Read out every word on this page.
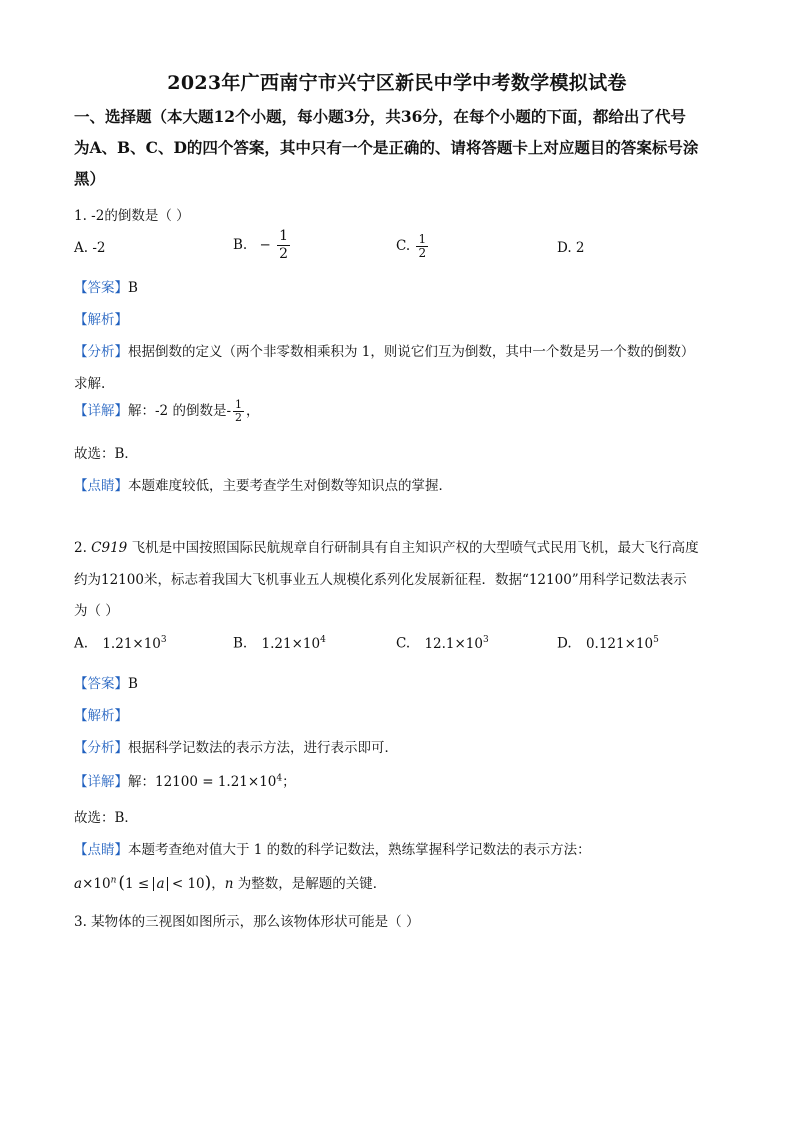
2023年广西南宁市兴宁区新民中学中考数学模拟试卷
一、选择题（本大题12个小题，每小题3分，共36分，在每个小题的下面，都给出了代号
为A、B、C、D的四个答案，其中只有一个是正确的、请将答题卡上对应题目的答案标号涂
黑）
1. -2的倒数是（ ）
A. -2	B. − $\frac{1}{2}$	C. $\frac{1}{2}$	D. 2
【答案】B
【解析】
【分析】根据倒数的定义（两个非零数相乘积为 1，则说它们互为倒数，其中一个数是另一个数的倒数）
求解.
【详解】解：-2 的倒数是- $\frac{1}{2}$ ，
故选：B．
【点睛】本题难度较低，主要考查学生对倒数等知识点的掌握．
2. C919 飞机是中国按照国际民航规章自行研制具有自主知识产权的大型喷气式民用飞机，最大飞行高度
约为12100米，标志着我国大飞机事业五人规模化系列化发展新征程．数据“12100”用科学记数法表示
为（ ）
A. $1.21\times 10^3$	B. $1.21\times 10^4$	C. $12.1\times 10^3$	D. $0.121\times 10^5$
【答案】B
【解析】
【分析】根据科学记数法的表示方法，进行表示即可．
【详解】解：$12100 = 1.21\times 10^4$；
故选：B．
【点睛】本题考查绝对值大于 1 的数的科学记数法，熟练掌握科学记数法的表示方法：
$a\times 10^n$ (1 ≤ a < 10)，n 为整数，是解题的关键．
3. 某物体的三视图如图所示，那么该物体形状可能是（ ）
